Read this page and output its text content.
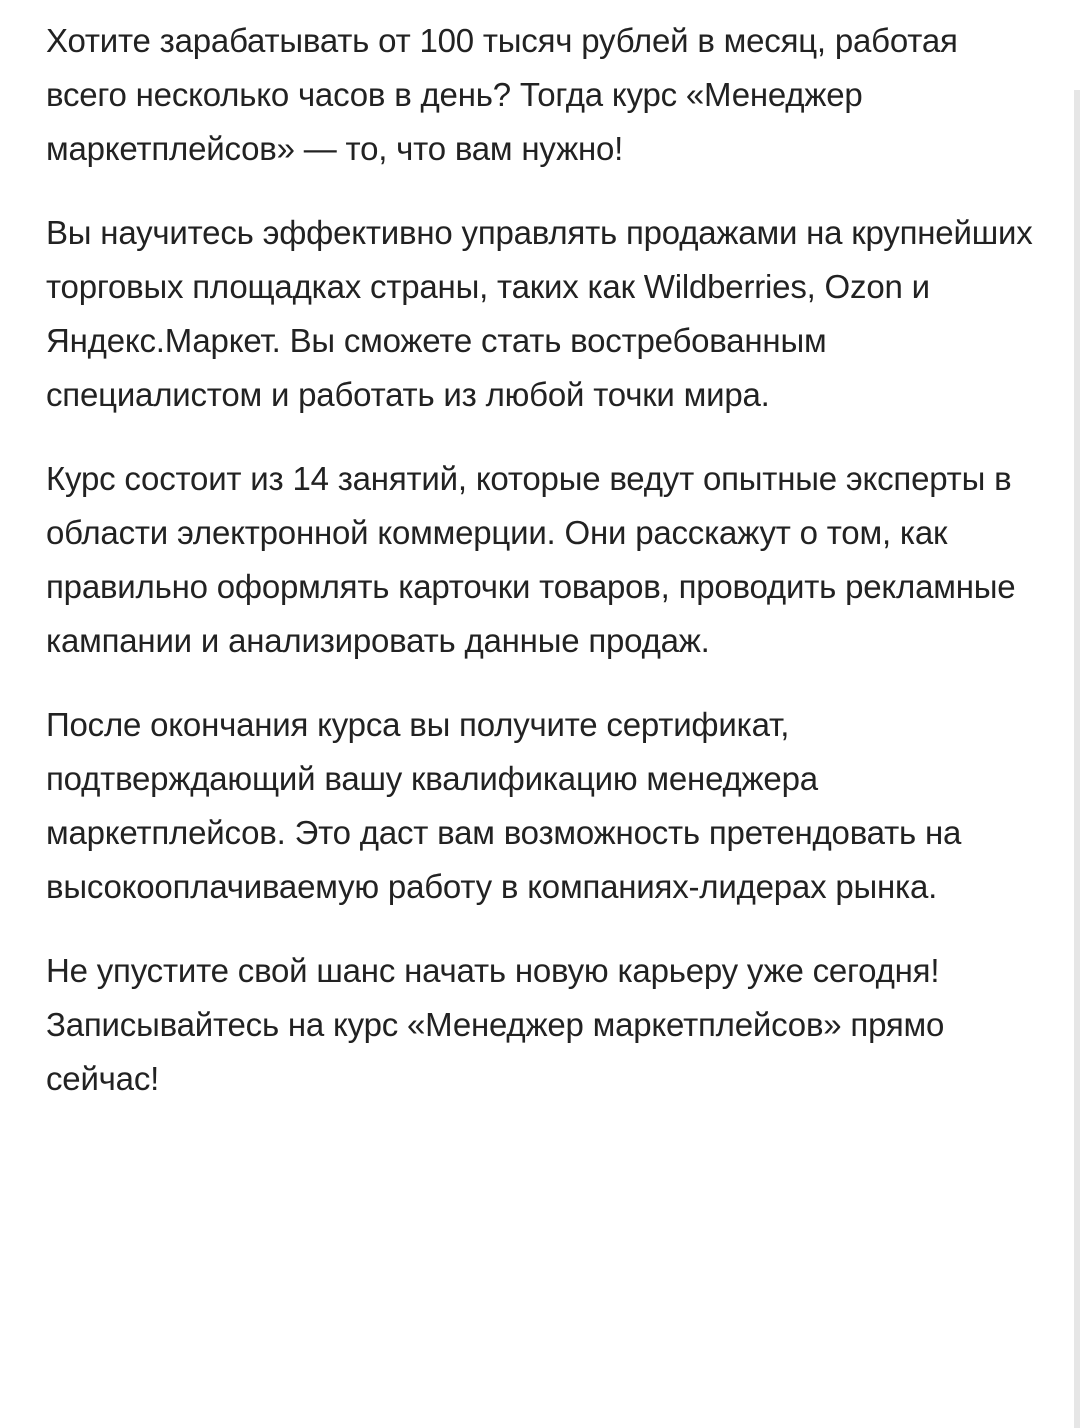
Хотите зарабатывать от 100 тысяч рублей в месяц, работая всего несколько часов в день? Тогда курс «Менеджер маркетплейсов» — то, что вам нужно!

Вы научитесь эффективно управлять продажами на крупнейших торговых площадках страны, таких как Wildberries, Ozon и Яндекс.Маркет. Вы сможете стать востребованным специалистом и работать из любой точки мира.

Курс состоит из 14 занятий, которые ведут опытные эксперты в области электронной коммерции. Они расскажут о том, как правильно оформлять карточки товаров, проводить рекламные кампании и анализировать данные продаж.

После окончания курса вы получите сертификат, подтверждающий вашу квалификацию менеджера маркетплейсов. Это даст вам возможность претендовать на высокооплачиваемую работу в компаниях-лидерах рынка.

Не упустите свой шанс начать новую карьеру уже сегодня! Записывайтесь на курс «Менеджер маркетплейсов» прямо сейчас!
